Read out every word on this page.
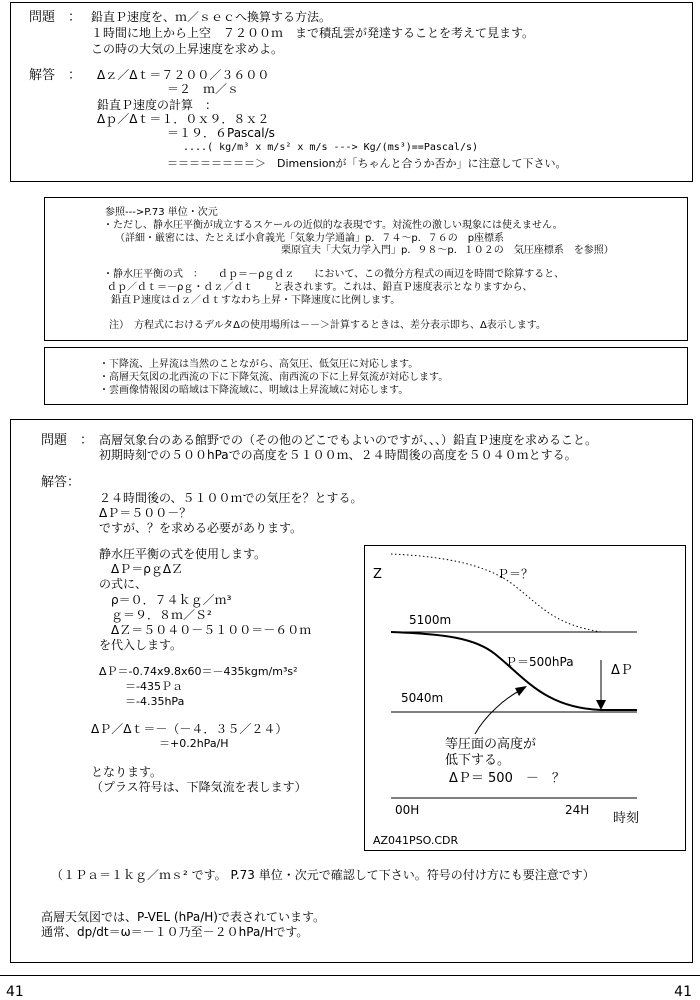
問題　： 鉛直Ｐ速度を、ｍ／ｓｅｃへ換算する方法。
１時間に地上から上空　７２００ｍ　まで積乱雲が発達することを考えて見ます。
この時の大気の上昇速度を求めよ。
解答　： Δｚ／Δｔ＝７２００／３６００
＝２　ｍ／ｓ
鉛直Ｐ速度の計算　：
Δｐ／Δｔ＝１．０ｘ９．８ｘ２
＝１９．６Pascal/s
....( kg/m³ x m/s² x m/s ---> Kg/(ms³)==Pascal/s)
＝＝＝＝＝＝＝＝＞　Dimensionが「ちゃんと合うか否か」に注意して下さい。
参照--->P.73 単位・次元
・ただし、静水圧平衡が成立するスケールの近似的な表現です。対流性の激しい現象には使えません。
（詳細・厳密には、たとえば小倉義光「気象力学通論」p．７４～p．７６の　p座標系
栗原宜夫「大気力学入門」p．９８～p．１０２の　気圧座標系　を参照）
・静水圧平衡の式　：　　ｄｐ＝－ρｇｄｚ　　において、この微分方程式の両辺を時間で除算すると、
ｄｐ／ｄｔ＝－ρｇ・ｄｚ／ｄｔ　　と表されます。これは、鉛直Ｐ速度表示となりますから、
鉛直Ｐ速度はｄｚ／ｄｔすなわち上昇・下降速度に比例します。
注）　方程式におけるデルタΔの使用場所は－－＞計算するときは、差分表示即ち、Δ表示します。
・下降流、上昇流は当然のことながら、高気圧、低気圧に対応します。
・高層天気図の北西流の下に下降気流、南西流の下に上昇気流が対応します。
・雲画像情報図の暗域は下降流域に、明域は上昇流域に対応します。
問題　： 高層気象台のある館野での（その他のどこでもよいのですが、、、）鉛直Ｐ速度を求めること。
初期時刻での５００hPaでの高度を５１００ｍ、２４時間後の高度を５０４０ｍとする。
解答：
２４時間後の、５１００ｍでの気圧を？とする。
ΔＰ＝５００－？
ですが、？を求める必要があります。
静水圧平衡の式を使用します。
ΔＰ＝ρｇΔＺ
の式に、
ρ＝０．７４ｋｇ／ｍ³
ｇ＝９．８ｍ／Ｓ²
ΔＺ＝５０４０－５１００＝－６０ｍ
を代入します。
ΔＰ＝-0.74x9.8x60＝－435kgm/m³s²
＝-435Ｐａ
＝-4.35hPa
ΔＰ／Δｔ＝－（－４．３５／２４）
＝+0.2hPa/H
となります。
（プラス符号は、下降気流を表します）
Z	Ｐ＝？
5100m
Ｐ＝500hPa
ΔＰ
5040m
等圧面の高度が
低下する。
ΔＰ＝ 500　－　？
00H	24H
時刻
AZ041PSO.CDR
（１Ｐａ＝１ｋｇ／ｍｓ² です。 P.73 単位・次元で確認して下さい。符号の付け方にも要注意です）
高層天気図では、P-VEL (hPa/H)で表されています。
通常、dp/dt＝ω＝－１０乃至－２０hPa/Hです。
41	41
